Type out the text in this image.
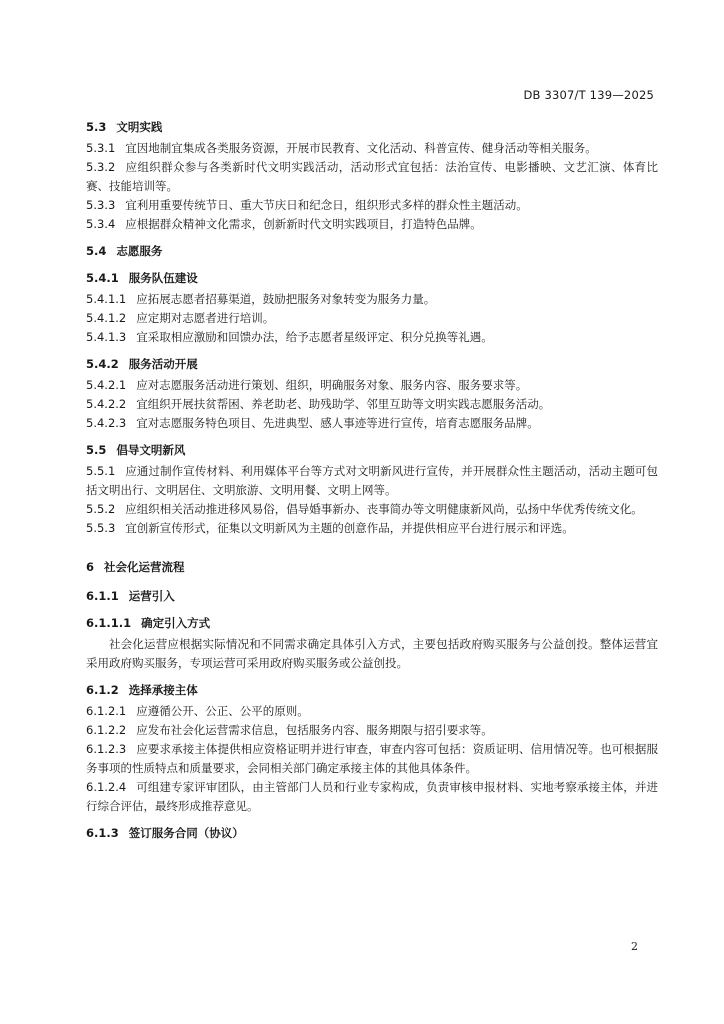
DB 3307/T 139—2025
5.3 文明实践
5.3.1 宜因地制宜集成各类服务资源，开展市民教育、文化活动、科普宣传、健身活动等相关服务。
5.3.2 应组织群众参与各类新时代文明实践活动，活动形式宜包括：法治宣传、电影播映、文艺汇演、体育比赛、技能培训等。
5.3.3 宜利用重要传统节日、重大节庆日和纪念日，组织形式多样的群众性主题活动。
5.3.4 应根据群众精神文化需求，创新新时代文明实践项目，打造特色品牌。
5.4 志愿服务
5.4.1 服务队伍建设
5.4.1.1 应拓展志愿者招募渠道，鼓励把服务对象转变为服务力量。
5.4.1.2 应定期对志愿者进行培训。
5.4.1.3 宜采取相应激励和回馈办法，给予志愿者星级评定、积分兑换等礼遇。
5.4.2 服务活动开展
5.4.2.1 应对志愿服务活动进行策划、组织，明确服务对象、服务内容、服务要求等。
5.4.2.2 宜组织开展扶贫帮困、养老助老、助残助学、邻里互助等文明实践志愿服务活动。
5.4.2.3 宜对志愿服务特色项目、先进典型、感人事迹等进行宣传，培育志愿服务品牌。
5.5 倡导文明新风
5.5.1 应通过制作宣传材料、利用媒体平台等方式对文明新风进行宣传，并开展群众性主题活动，活动主题可包括文明出行、文明居住、文明旅游、文明用餐、文明上网等。
5.5.2 应组织相关活动推进移风易俗，倡导婚事新办、丧事简办等文明健康新风尚，弘扬中华优秀传统文化。
5.5.3 宜创新宣传形式，征集以文明新风为主题的创意作品，并提供相应平台进行展示和评选。
6 社会化运营流程
6.1.1 运营引入
6.1.1.1 确定引入方式
社会化运营应根据实际情况和不同需求确定具体引入方式，主要包括政府购买服务与公益创投。整体运营宜采用政府购买服务，专项运营可采用政府购买服务或公益创投。
6.1.2 选择承接主体
6.1.2.1 应遵循公开、公正、公平的原则。
6.1.2.2 应发布社会化运营需求信息，包括服务内容、服务期限与招引要求等。
6.1.2.3 应要求承接主体提供相应资格证明并进行审查，审查内容可包括：资质证明、信用情况等。也可根据服务事项的性质特点和质量要求，会同相关部门确定承接主体的其他具体条件。
6.1.2.4 可组建专家评审团队，由主管部门人员和行业专家构成，负责审核申报材料、实地考察承接主体，并进行综合评估，最终形成推荐意见。
6.1.3 签订服务合同（协议）
2
